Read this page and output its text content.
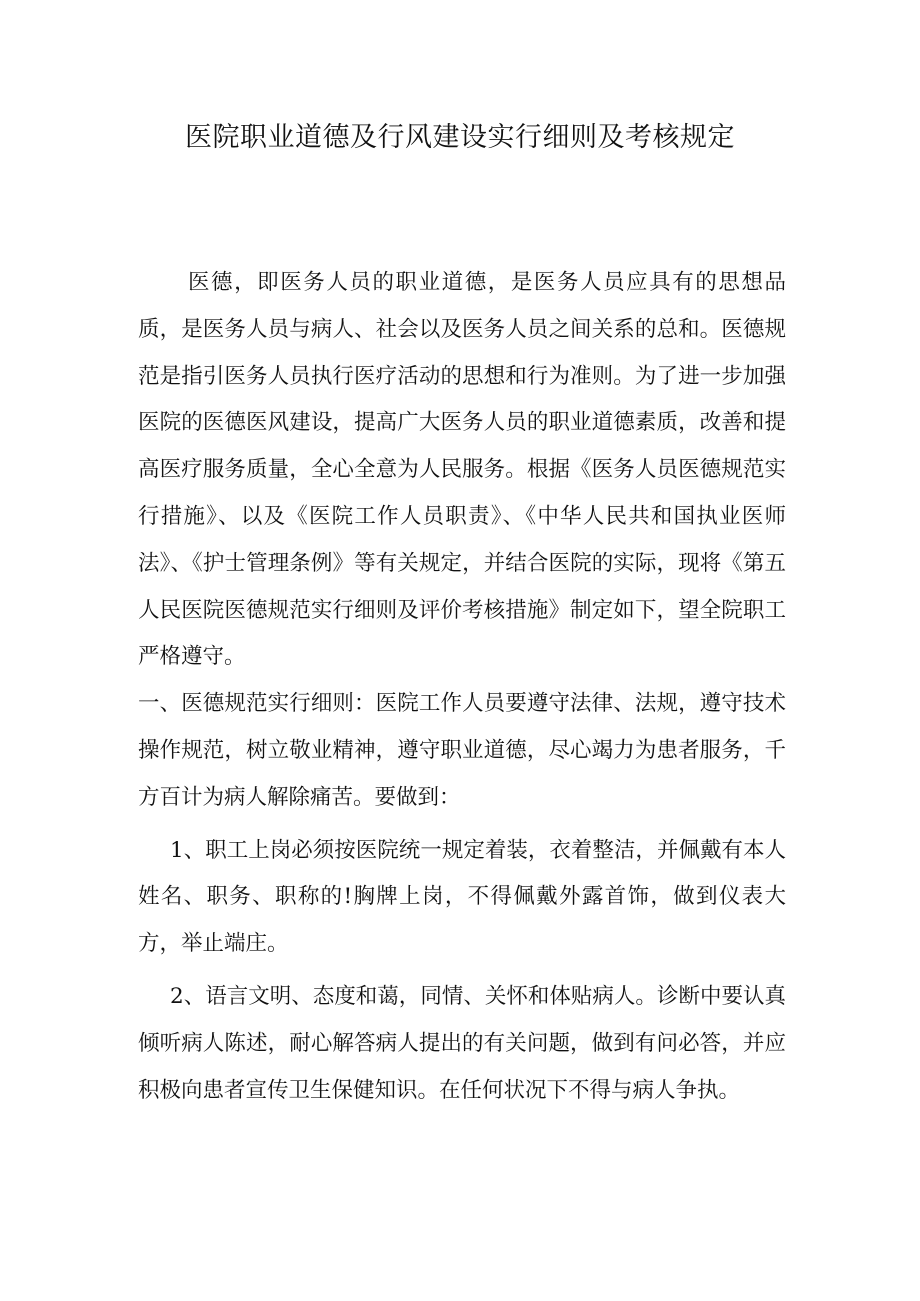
医院职业道德及行风建设实行细则及考核规定

医德，即医务人员的职业道德，是医务人员应具有的思想品质，是医务人员与病人、社会以及医务人员之间关系的总和。医德规范是指引医务人员执行医疗活动的思想和行为准则。为了进一步加强医院的医德医风建设，提高广大医务人员的职业道德素质，改善和提高医疗服务质量，全心全意为人民服务。根据《医务人员医德规范实行措施》、以及《医院工作人员职责》、《中华人民共和国执业医师法》、《护士管理条例》等有关规定，并结合医院的实际，现将《第五人民医院医德规范实行细则及评价考核措施》制定如下，望全院职工严格遵守。

一、医德规范实行细则：医院工作人员要遵守法律、法规，遵守技术操作规范，树立敬业精神，遵守职业道德，尽心竭力为患者服务，千方百计为病人解除痛苦。要做到：

1、职工上岗必须按医院统一规定着装，衣着整洁，并佩戴有本人姓名、职务、职称的!胸牌上岗，不得佩戴外露首饰，做到仪表大方，举止端庄。

2、语言文明、态度和蔼，同情、关怀和体贴病人。诊断中要认真倾听病人陈述，耐心解答病人提出的有关问题，做到有问必答，并应积极向患者宣传卫生保健知识。在任何状况下不得与病人争执。
